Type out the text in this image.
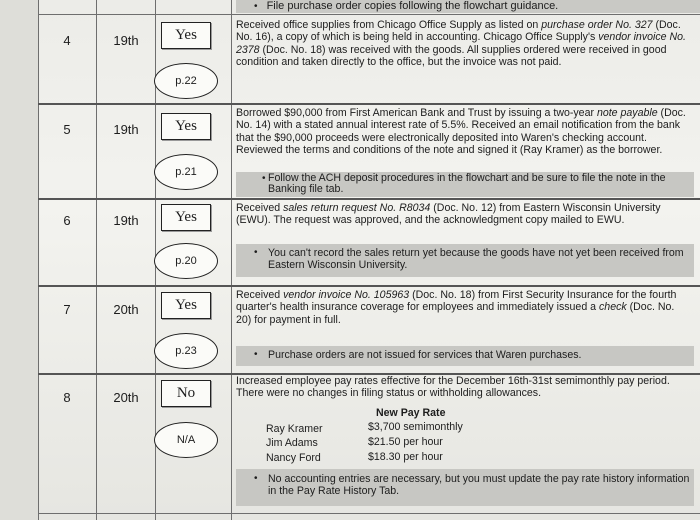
• File purchase order copies following the flowchart guidance.
4	19th	Yes
p.22
Received office supplies from Chicago Office Supply as listed on purchase order No. 327 (Doc. No. 16), a copy of which is being held in accounting. Chicago Office Supply's vendor invoice No. 2378 (Doc. No. 18) was received with the goods. All supplies ordered were received in good condition and taken directly to the office, but the invoice was not paid.
5	19th	Yes
p.21
Borrowed $90,000 from First American Bank and Trust by issuing a two-year note payable (Doc. No. 14) with a stated annual interest rate of 5.5%. Received an email notification from the bank that the $90,000 proceeds were electronically deposited into Waren's checking account. Reviewed the terms and conditions of the note and signed it (Ray Kramer) as the borrower.
• Follow the ACH deposit procedures in the flowchart and be sure to file the note in the Banking file tab.
6	19th	Yes
p.20
Received sales return request No. R8034 (Doc. No. 12) from Eastern Wisconsin University (EWU). The request was approved, and the acknowledgment copy mailed to EWU.
• You can't record the sales return yet because the goods have not yet been received from Eastern Wisconsin University.
7	20th	Yes
p.23
Received vendor invoice No. 105963 (Doc. No. 18) from First Security Insurance for the fourth quarter's health insurance coverage for employees and immediately issued a check (Doc. No. 20) for payment in full.
• Purchase orders are not issued for services that Waren purchases.
8	20th	No
N/A
Increased employee pay rates effective for the December 16th-31st semimonthly pay period. There were no changes in filing status or withholding allowances.
New Pay Rate
Ray Kramer	$3,700 semimonthly
Jim Adams	$21.50 per hour
Nancy Ford	$18.30 per hour
• No accounting entries are necessary, but you must update the pay rate history information in the Pay Rate History Tab.
